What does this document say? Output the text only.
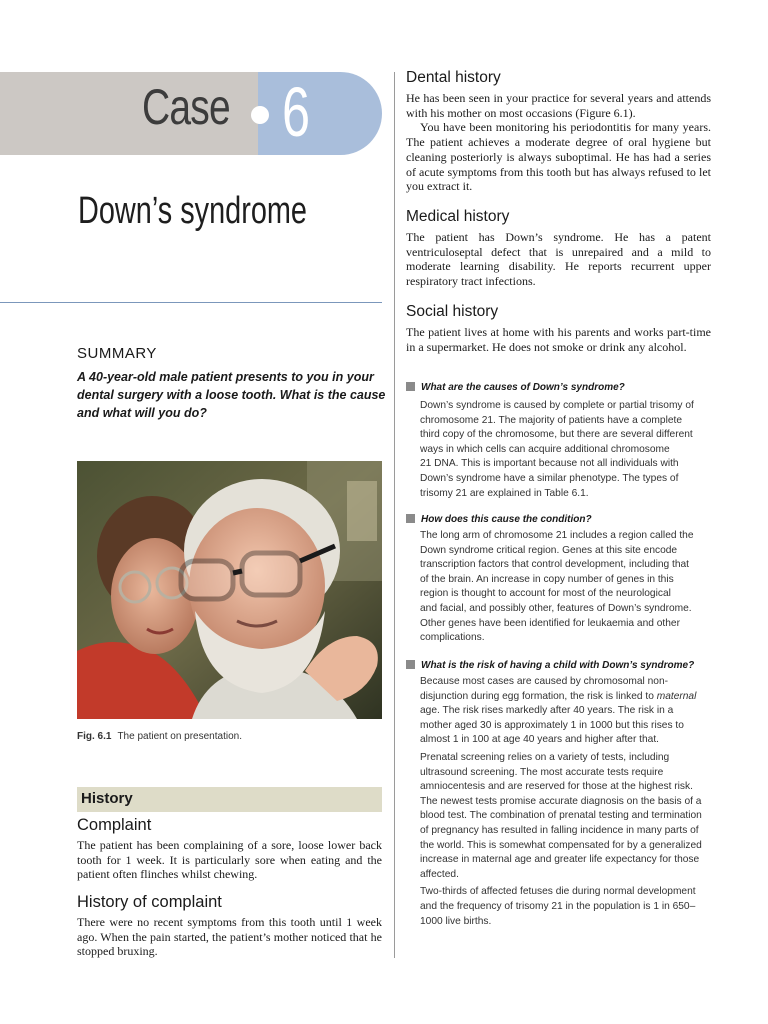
Case 6
Down’s syndrome
SUMMARY
A 40-year-old male patient presents to you in your dental surgery with a loose tooth. What is the cause and what will you do?
Fig. 6.1 The patient on presentation.
History
Complaint
The patient has been complaining of a sore, loose lower back tooth for 1 week. It is particularly sore when eating and the patient often flinches whilst chewing.
History of complaint
There were no recent symptoms from this tooth until 1 week ago. When the pain started, the patient’s mother noticed that he stopped bruxing.
Dental history
He has been seen in your practice for several years and attends with his mother on most occasions (Figure 6.1).
You have been monitoring his periodontitis for many years. The patient achieves a moderate degree of oral hygiene but cleaning posteriorly is always suboptimal. He has had a series of acute symptoms from this tooth but has always refused to let you extract it.
Medical history
The patient has Down’s syndrome. He has a patent ventriculoseptal defect that is unrepaired and a mild to moderate learning disability. He reports recurrent upper respiratory tract infections.
Social history
The patient lives at home with his parents and works part-time in a supermarket. He does not smoke or drink any alcohol.
What are the causes of Down’s syndrome?
Down’s syndrome is caused by complete or partial trisomy of
chromosome 21. The majority of patients have a complete
third copy of the chromosome, but there are several different
ways in which cells can acquire additional chromosome
21 DNA. This is important because not all individuals with
Down’s syndrome have a similar phenotype. The types of
trisomy 21 are explained in Table 6.1.
How does this cause the condition?
The long arm of chromosome 21 includes a region called the
Down syndrome critical region. Genes at this site encode
transcription factors that control development, including that
of the brain. An increase in copy number of genes in this
region is thought to account for most of the neurological
and facial, and possibly other, features of Down’s syndrome.
Other genes have been identified for leukaemia and other
complications.
What is the risk of having a child with Down’s syndrome?

Because most cases are caused by chromosomal non-disjunction during egg formation, the risk is linked to maternal age. The risk rises markedly after 40 years. The risk in a mother aged 30 is approximately 1 in 1000 but this rises to almost 1 in 100 at age 40 years and higher after that.

Prenatal screening relies on a variety of tests, including ultrasound screening. The most accurate tests require amniocentesis and are reserved for those at the highest risk. The newest tests promise accurate diagnosis on the basis of a blood test. The combination of prenatal testing and termination of pregnancy has resulted in falling incidence in many parts of the world. This is somewhat compensated for by a generalized increase in maternal age and greater life expectancy for those affected.

Two-thirds of affected fetuses die during normal development and the frequency of trisomy 21 in the population is 1 in 650–1000 live births.
